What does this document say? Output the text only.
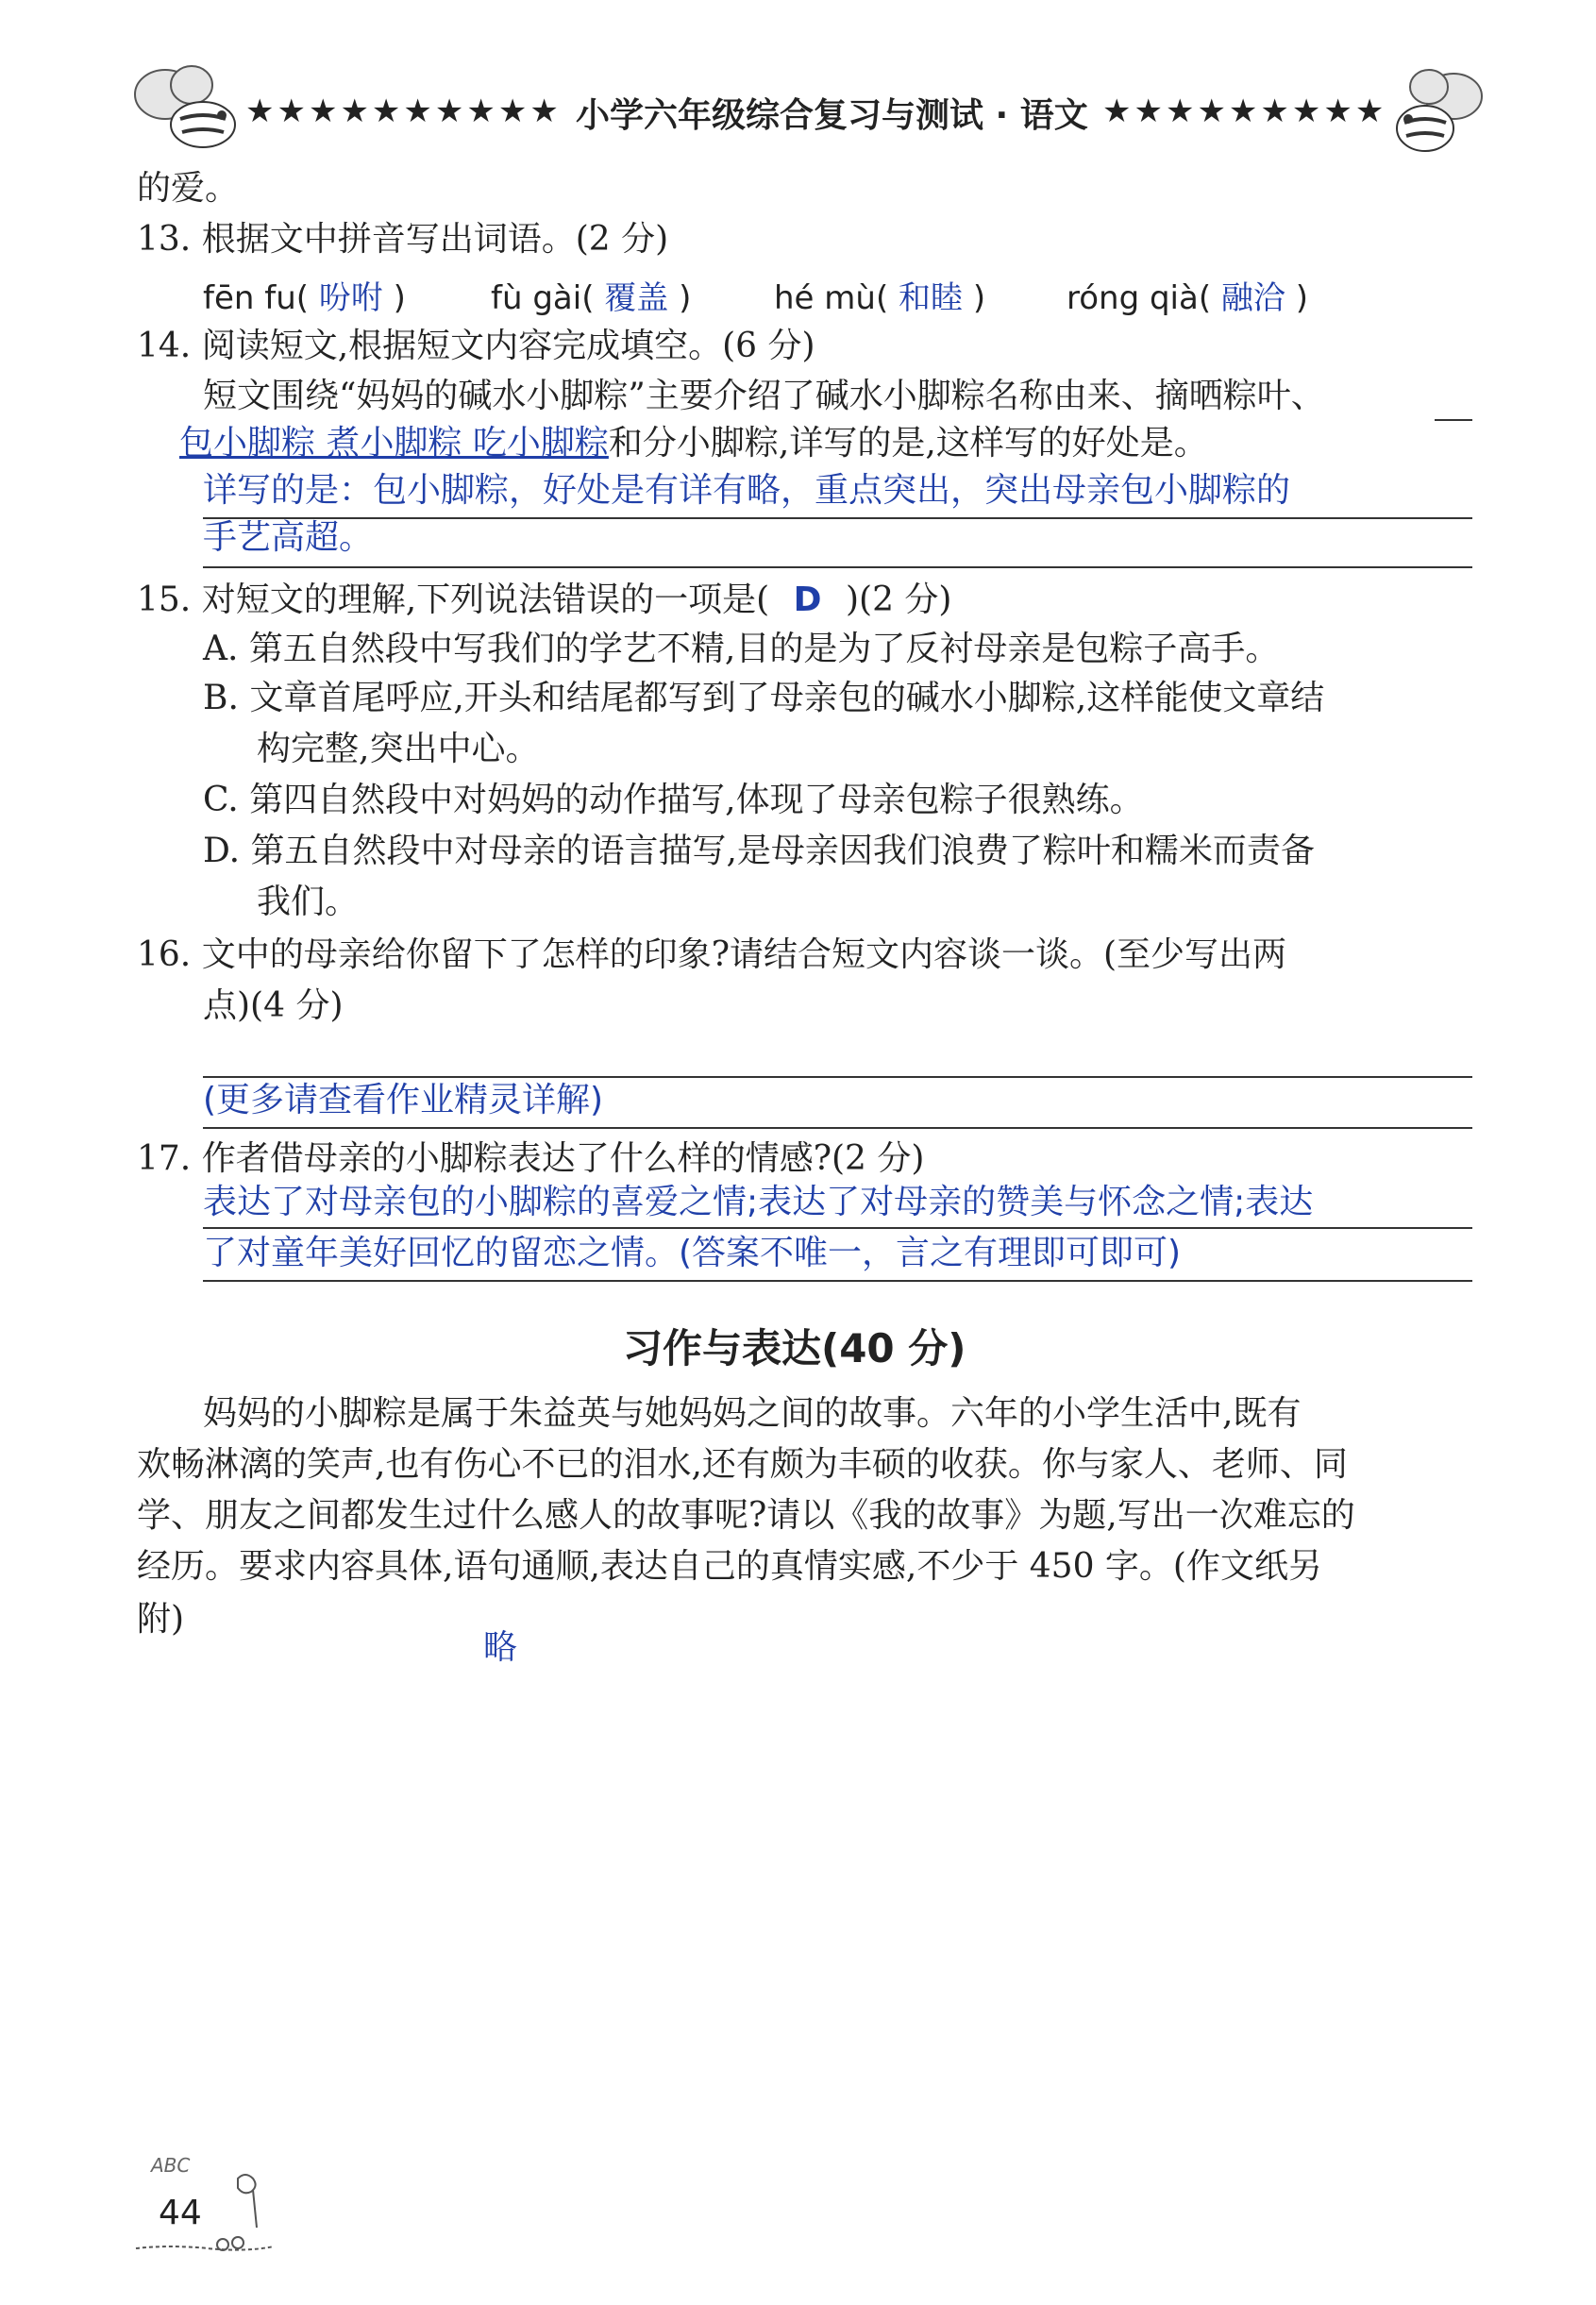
★★★★★★★★★★ 小学六年级综合复习与测试 · 语文 ★★★★★★★★★
的爱。
13. 根据文中拼音写出词语。(2 分)
fēn fu( 吩咐 )	fù gài( 覆盖 )	hé mù( 和睦 )	róng qià( 融洽 )
14. 阅读短文,根据短文内容完成填空。(6 分)
短文围绕“妈妈的碱水小脚粽”主要介绍了碱水小脚粽名称由来、摘晒粽叶、
包小脚粽 煮小脚粽 吃小脚粽和分小脚粽,详写的是,这样写的好处是。
详写的是：包小脚粽，好处是有详有略，重点突出，突出母亲包小脚粽的
手艺高超。
15. 对短文的理解,下列说法错误的一项是( D )(2 分)
A. 第五自然段中写我们的学艺不精,目的是为了反衬母亲是包粽子高手。
B. 文章首尾呼应,开头和结尾都写到了母亲包的碱水小脚粽,这样能使文章结
构完整,突出中心。
C. 第四自然段中对妈妈的动作描写,体现了母亲包粽子很熟练。
D. 第五自然段中对母亲的语言描写,是母亲因我们浪费了粽叶和糯米而责备
我们。
16. 文中的母亲给你留下了怎样的印象?请结合短文内容谈一谈。(至少写出两
点)(4 分)
(更多请查看作业精灵详解)
17. 作者借母亲的小脚粽表达了什么样的情感?(2 分)
表达了对母亲包的小脚粽的喜爱之情;表达了对母亲的赞美与怀念之情;表达
了对童年美好回忆的留恋之情。(答案不唯一，言之有理即可即可)
习作与表达(40 分)
妈妈的小脚粽是属于朱益英与她妈妈之间的故事。六年的小学生活中,既有
欢畅淋漓的笑声,也有伤心不已的泪水,还有颇为丰硕的收获。你与家人、老师、同
学、朋友之间都发生过什么感人的故事呢?请以《我的故事》为题,写出一次难忘的
经历。要求内容具体,语句通顺,表达自己的真情实感,不少于 450 字。(作文纸另
附)
略
ABC
44
